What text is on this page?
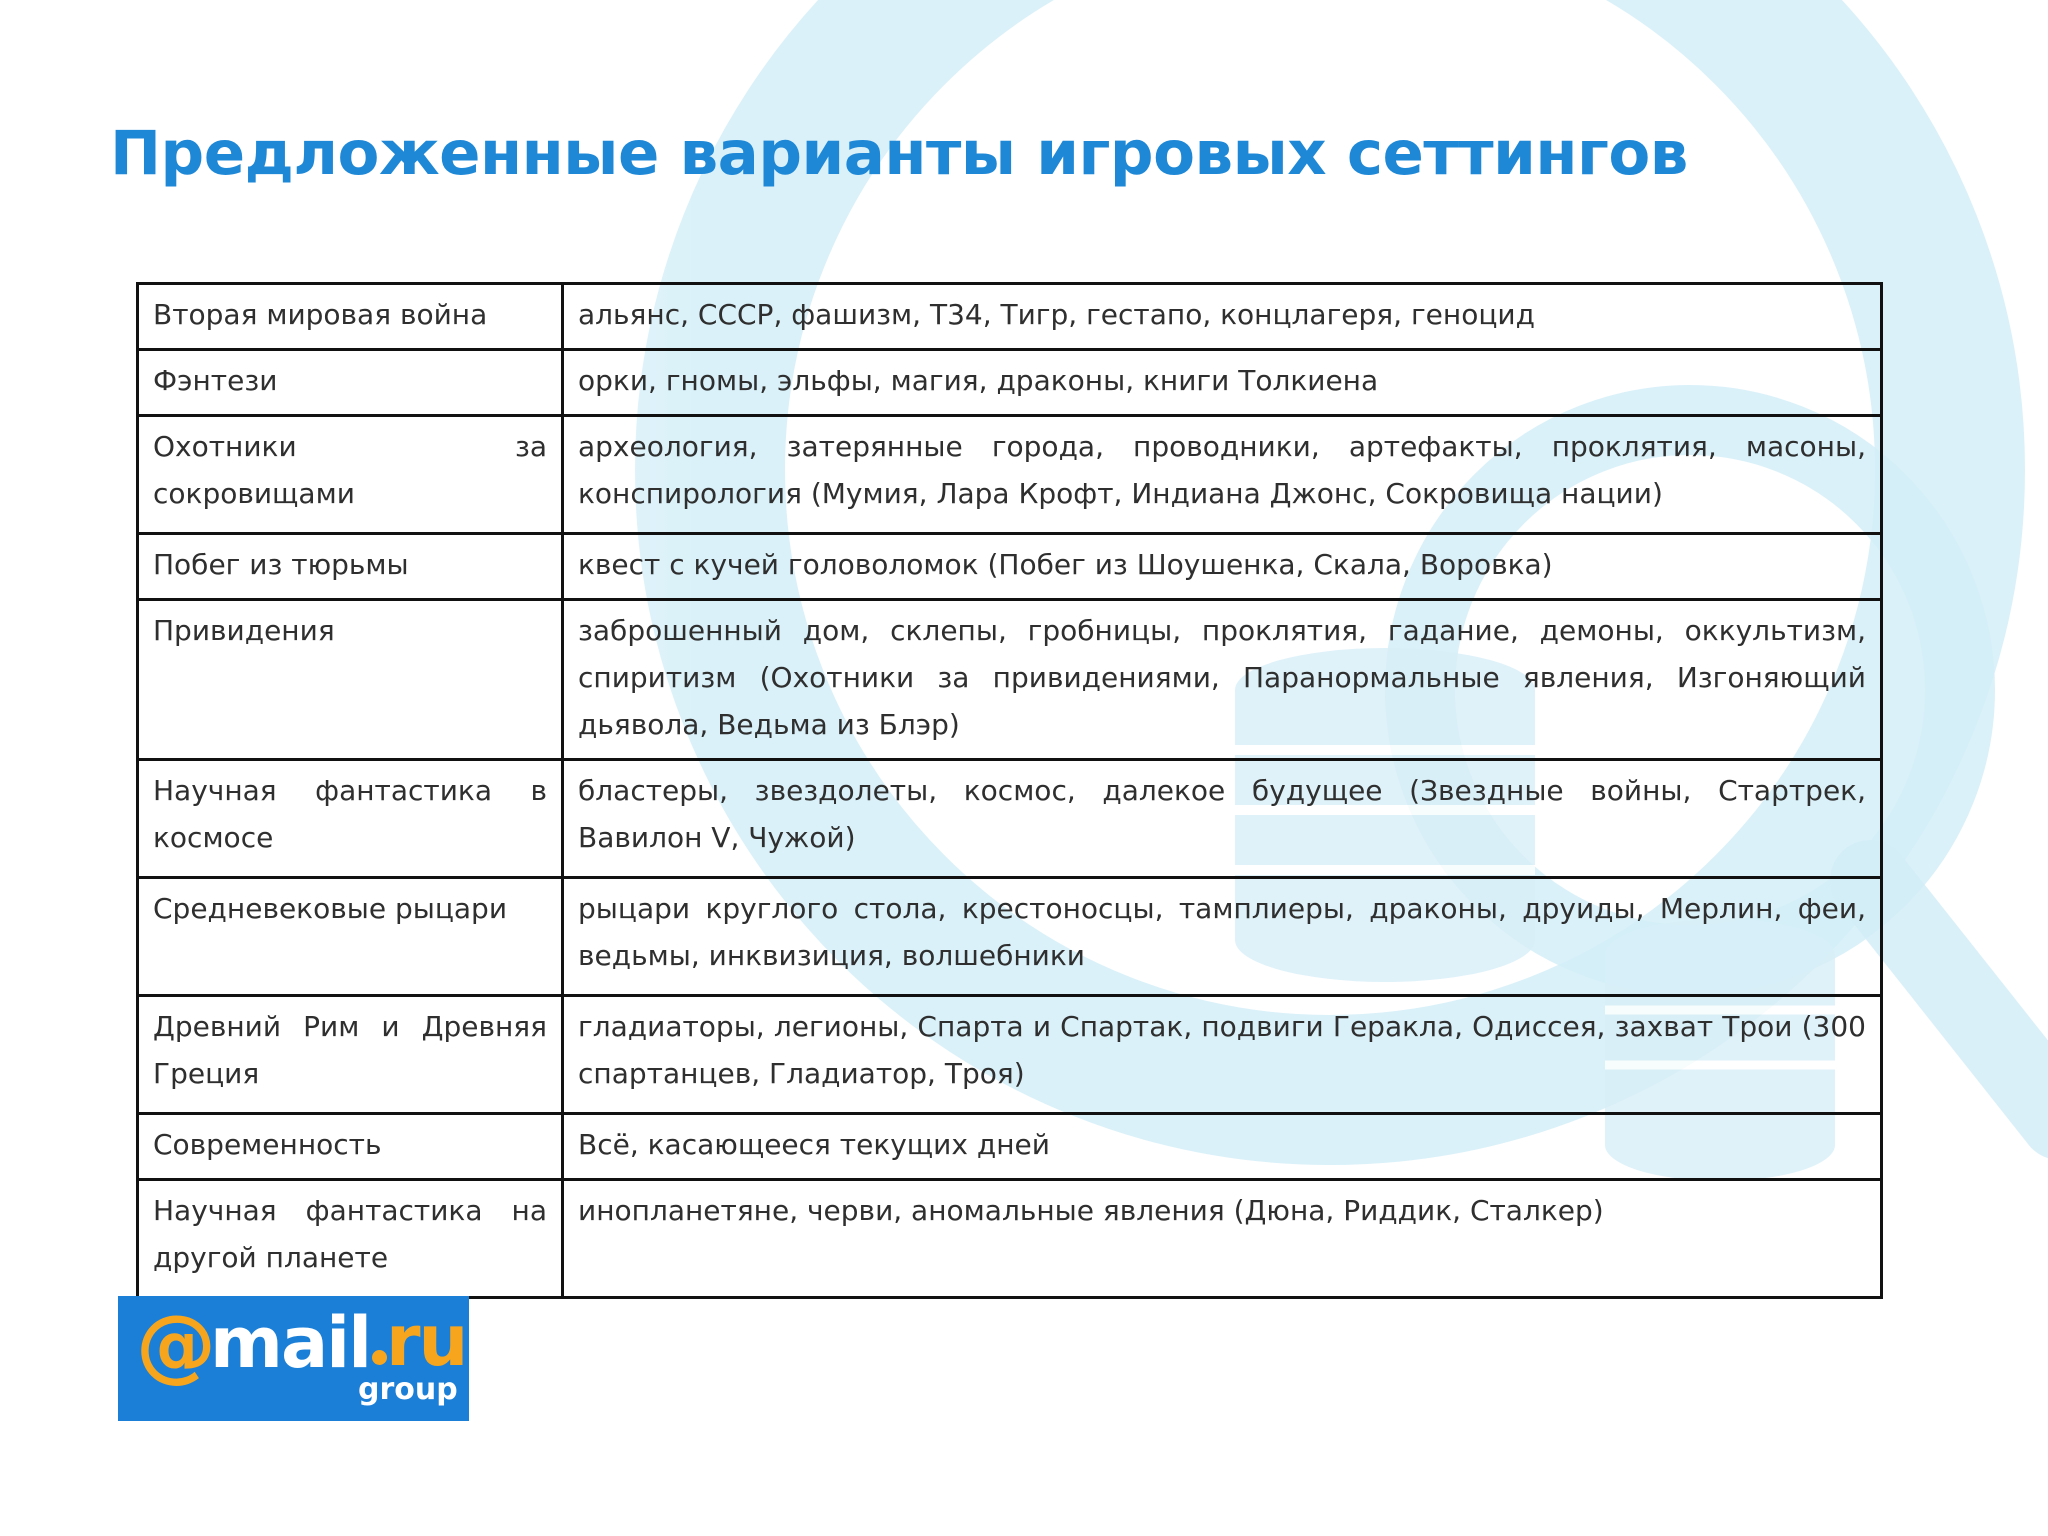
Предложенные варианты игровых сеттингов
Вторая мировая война	альянс, СССР, фашизм, Т34, Тигр, гестапо, концлагеря, геноцид
Фэнтези	орки, гномы, эльфы, магия, драконы, книги Толкиена
Охотники за сокровищами	археология, затерянные города, проводники, артефакты, проклятия, масоны, конспирология (Мумия, Лара Крофт, Индиана Джонс, Сокровища нации)
Побег из тюрьмы	квест с кучей головоломок (Побег из Шоушенка, Скала, Воровка)
Привидения	заброшенный дом, склепы, гробницы, проклятия, гадание, демоны, оккультизм, спиритизм (Охотники за привидениями, Паранормальные явления, Изгоняющий дьявола, Ведьма из Блэр)
Научная фантастика в космосе	бластеры, звездолеты, космос, далекое будущее (Звездные войны, Стартрек, Вавилон V, Чужой)
Средневековые рыцари	рыцари круглого стола, крестоносцы, тамплиеры, драконы, друиды, Мерлин, феи, ведьмы, инквизиция, волшебники
Древний Рим и Древняя Греция	гладиаторы, легионы, Спарта и Спартак, подвиги Геракла, Одиссея, захват Трои (300 спартанцев, Гладиатор, Троя)
Современность	Всё, касающееся текущих дней
Научная фантастика на другой планете	инопланетяне, черви, аномальные явления (Дюна, Риддик, Сталкер)
@
mail ru
group
